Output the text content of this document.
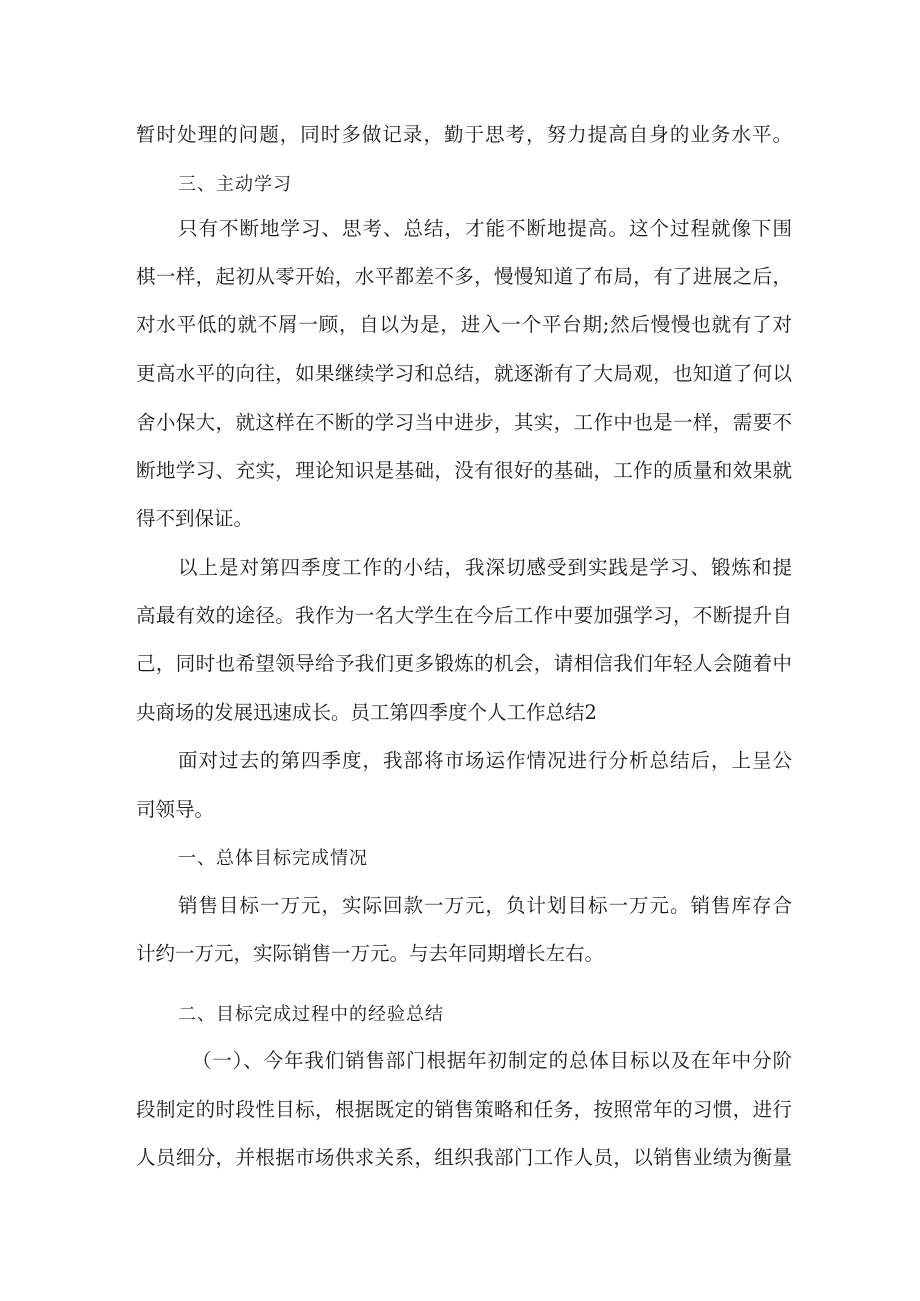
暂时处理的问题，同时多做记录，勤于思考，努力提高自身的业务水平。

三、主动学习

只有不断地学习、思考、总结，才能不断地提高。这个过程就像下围

棋一样，起初从零开始，水平都差不多，慢慢知道了布局，有了进展之后，

对水平低的就不屑一顾，自以为是，进入一个平台期;然后慢慢也就有了对

更高水平的向往，如果继续学习和总结，就逐渐有了大局观，也知道了何以

舍小保大，就这样在不断的学习当中进步，其实，工作中也是一样，需要不

断地学习、充实，理论知识是基础，没有很好的基础，工作的质量和效果就

得不到保证。

以上是对第四季度工作的小结，我深切感受到实践是学习、锻炼和提

高最有效的途径。我作为一名大学生在今后工作中要加强学习，不断提升自

己，同时也希望领导给予我们更多锻炼的机会，请相信我们年轻人会随着中

央商场的发展迅速成长。员工第四季度个人工作总结2

面对过去的第四季度，我部将市场运作情况进行分析总结后，上呈公

司领导。

一、总体目标完成情况

销售目标一万元，实际回款一万元，负计划目标一万元。销售库存合

计约一万元，实际销售一万元。与去年同期增长左右。

二、目标完成过程中的经验总结

（一）、今年我们销售部门根据年初制定的总体目标以及在年中分阶

段制定的时段性目标，根据既定的销售策略和任务，按照常年的习惯，进行

人员细分，并根据市场供求关系，组织我部门工作人员，以销售业绩为衡量
